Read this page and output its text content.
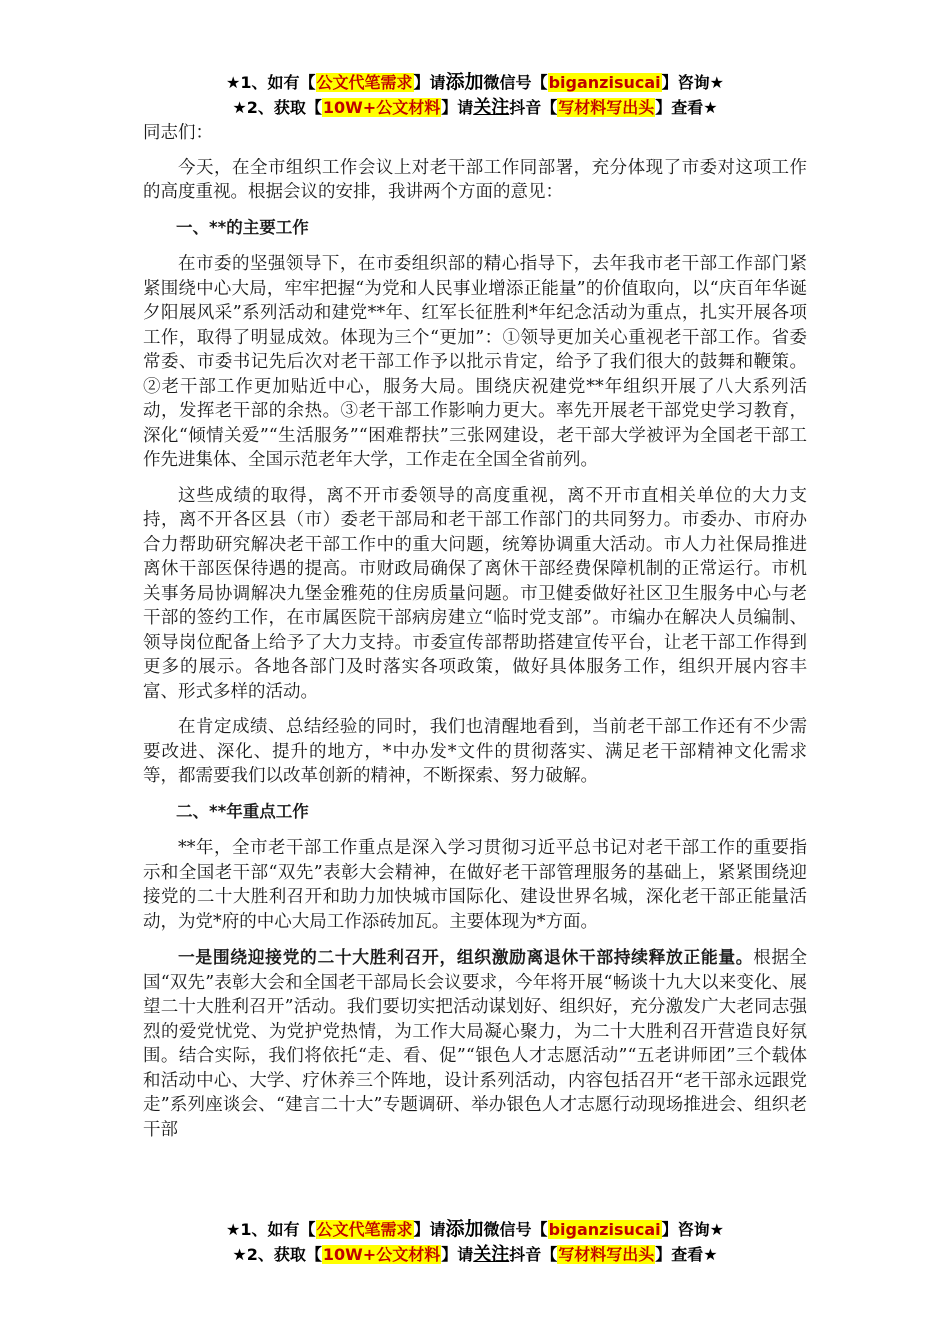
★1、如有【公文代笔需求】请添加微信号【biganzisucai】咨询★
★2、获取【10W+公文材料】请关注抖音【写材料写出头】查看★

同志们：

今天，在全市组织工作会议上对老干部工作同部署，充分体现了市委对这项工作的高度重视。根据会议的安排，我讲两个方面的意见：

一、**的主要工作

在市委的坚强领导下，在市委组织部的精心指导下，去年我市老干部工作部门紧紧围绕中心大局，牢牢把握“为党和人民事业增添正能量”的价值取向，以“庆百年华诞夕阳展风采”系列活动和建党**年、红军长征胜利*年纪念活动为重点，扎实开展各项工作，取得了明显成效。体现为三个“更加”：①领导更加关心重视老干部工作。省委常委、市委书记先后次对老干部工作予以批示肯定，给予了我们很大的鼓舞和鞭策。②老干部工作更加贴近中心，服务大局。围绕庆祝建党**年组织开展了八大系列活动，发挥老干部的余热。③老干部工作影响力更大。率先开展老干部党史学习教育，深化“倾情关爱”“生活服务”“困难帮扶”三张网建设，老干部大学被评为全国老干部工作先进集体、全国示范老年大学，工作走在全国全省前列。

这些成绩的取得，离不开市委领导的高度重视，离不开市直相关单位的大力支持，离不开各区县（市）委老干部局和老干部工作部门的共同努力。市委办、市府办合力帮助研究解决老干部工作中的重大问题，统筹协调重大活动。市人力社保局推进离休干部医保待遇的提高。市财政局确保了离休干部经费保障机制的正常运行。市机关事务局协调解决九堡金雅苑的住房质量问题。市卫健委做好社区卫生服务中心与老干部的签约工作，在市属医院干部病房建立“临时党支部”。市编办在解决人员编制、领导岗位配备上给予了大力支持。市委宣传部帮助搭建宣传平台，让老干部工作得到更多的展示。各地各部门及时落实各项政策，做好具体服务工作，组织开展内容丰富、形式多样的活动。

在肯定成绩、总结经验的同时，我们也清醒地看到，当前老干部工作还有不少需要改进、深化、提升的地方，*中办发*文件的贯彻落实、满足老干部精神文化需求等，都需要我们以改革创新的精神，不断探索、努力破解。

二、**年重点工作

**年，全市老干部工作重点是深入学习贯彻习近平总书记对老干部工作的重要指示和全国老干部“双先”表彰大会精神，在做好老干部管理服务的基础上，紧紧围绕迎接党的二十大胜利召开和助力加快城市国际化、建设世界名城，深化老干部正能量活动，为党*府的中心大局工作添砖加瓦。主要体现为*方面。

一是围绕迎接党的二十大胜利召开，组织激励离退休干部持续释放正能量。根据全国“双先”表彰大会和全国老干部局长会议要求，今年将开展“畅谈十九大以来变化、展望二十大胜利召开”活动。我们要切实把活动谋划好、组织好，充分激发广大老同志强烈的爱党忧党、为党护党热情，为工作大局凝心聚力，为二十大胜利召开营造良好氛围。结合实际，我们将依托“走、看、促”“银色人才志愿活动”“五老讲师团”三个载体和活动中心、大学、疗休养三个阵地，设计系列活动，内容包括召开“老干部永远跟党走”系列座谈会、“建言二十大”专题调研、举办银色人才志愿行动现场推进会、组织老干部

★1、如有【公文代笔需求】请添加微信号【biganzisucai】咨询★
★2、获取【10W+公文材料】请关注抖音【写材料写出头】查看★
